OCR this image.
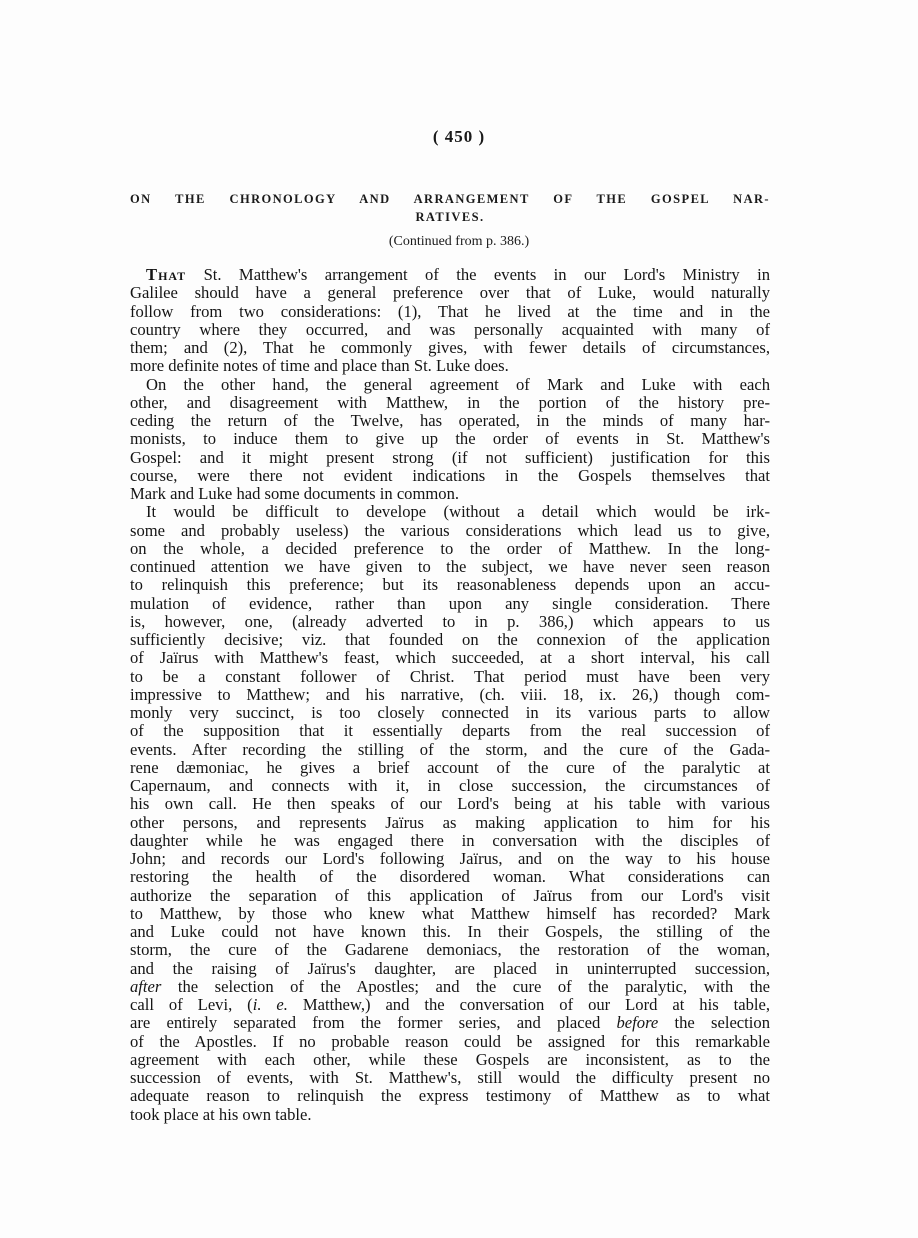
( 450 )
ON THE CHRONOLOGY AND ARRANGEMENT OF THE GOSPEL NAR-
RATIVES.
(Continued from p. 386.)
That St. Matthew's arrangement of the events in our Lord's Ministry in
Galilee should have a general preference over that of Luke, would naturally
follow from two considerations: (1), That he lived at the time and in the
country where they occurred, and was personally acquainted with many of
them; and (2), That he commonly gives, with fewer details of circumstances,
more definite notes of time and place than St. Luke does.
On the other hand, the general agreement of Mark and Luke with each
other, and disagreement with Matthew, in the portion of the history pre-
ceding the return of the Twelve, has operated, in the minds of many har-
monists, to induce them to give up the order of events in St. Matthew's
Gospel: and it might present strong (if not sufficient) justification for this
course, were there not evident indications in the Gospels themselves that
Mark and Luke had some documents in common.
It would be difficult to develope (without a detail which would be irk-
some and probably useless) the various considerations which lead us to give,
on the whole, a decided preference to the order of Matthew. In the long-
continued attention we have given to the subject, we have never seen reason
to relinquish this preference; but its reasonableness depends upon an accu-
mulation of evidence, rather than upon any single consideration. There
is, however, one, (already adverted to in p. 386,) which appears to us
sufficiently decisive; viz. that founded on the connexion of the application
of Jaïrus with Matthew's feast, which succeeded, at a short interval, his call
to be a constant follower of Christ. That period must have been very
impressive to Matthew; and his narrative, (ch. viii. 18, ix. 26,) though com-
monly very succinct, is too closely connected in its various parts to allow
of the supposition that it essentially departs from the real succession of
events. After recording the stilling of the storm, and the cure of the Gada-
rene dæmoniac, he gives a brief account of the cure of the paralytic at
Capernaum, and connects with it, in close succession, the circumstances of
his own call. He then speaks of our Lord's being at his table with various
other persons, and represents Jaïrus as making application to him for his
daughter while he was engaged there in conversation with the disciples of
John; and records our Lord's following Jaïrus, and on the way to his house
restoring the health of the disordered woman. What considerations can
authorize the separation of this application of Jaïrus from our Lord's visit
to Matthew, by those who knew what Matthew himself has recorded? Mark
and Luke could not have known this. In their Gospels, the stilling of the
storm, the cure of the Gadarene demoniacs, the restoration of the woman,
and the raising of Jaïrus's daughter, are placed in uninterrupted succession,
after the selection of the Apostles; and the cure of the paralytic, with the
call of Levi, (i. e. Matthew,) and the conversation of our Lord at his table,
are entirely separated from the former series, and placed before the selection
of the Apostles. If no probable reason could be assigned for this remarkable
agreement with each other, while these Gospels are inconsistent, as to the
succession of events, with St. Matthew's, still would the difficulty present no
adequate reason to relinquish the express testimony of Matthew as to what
took place at his own table.
